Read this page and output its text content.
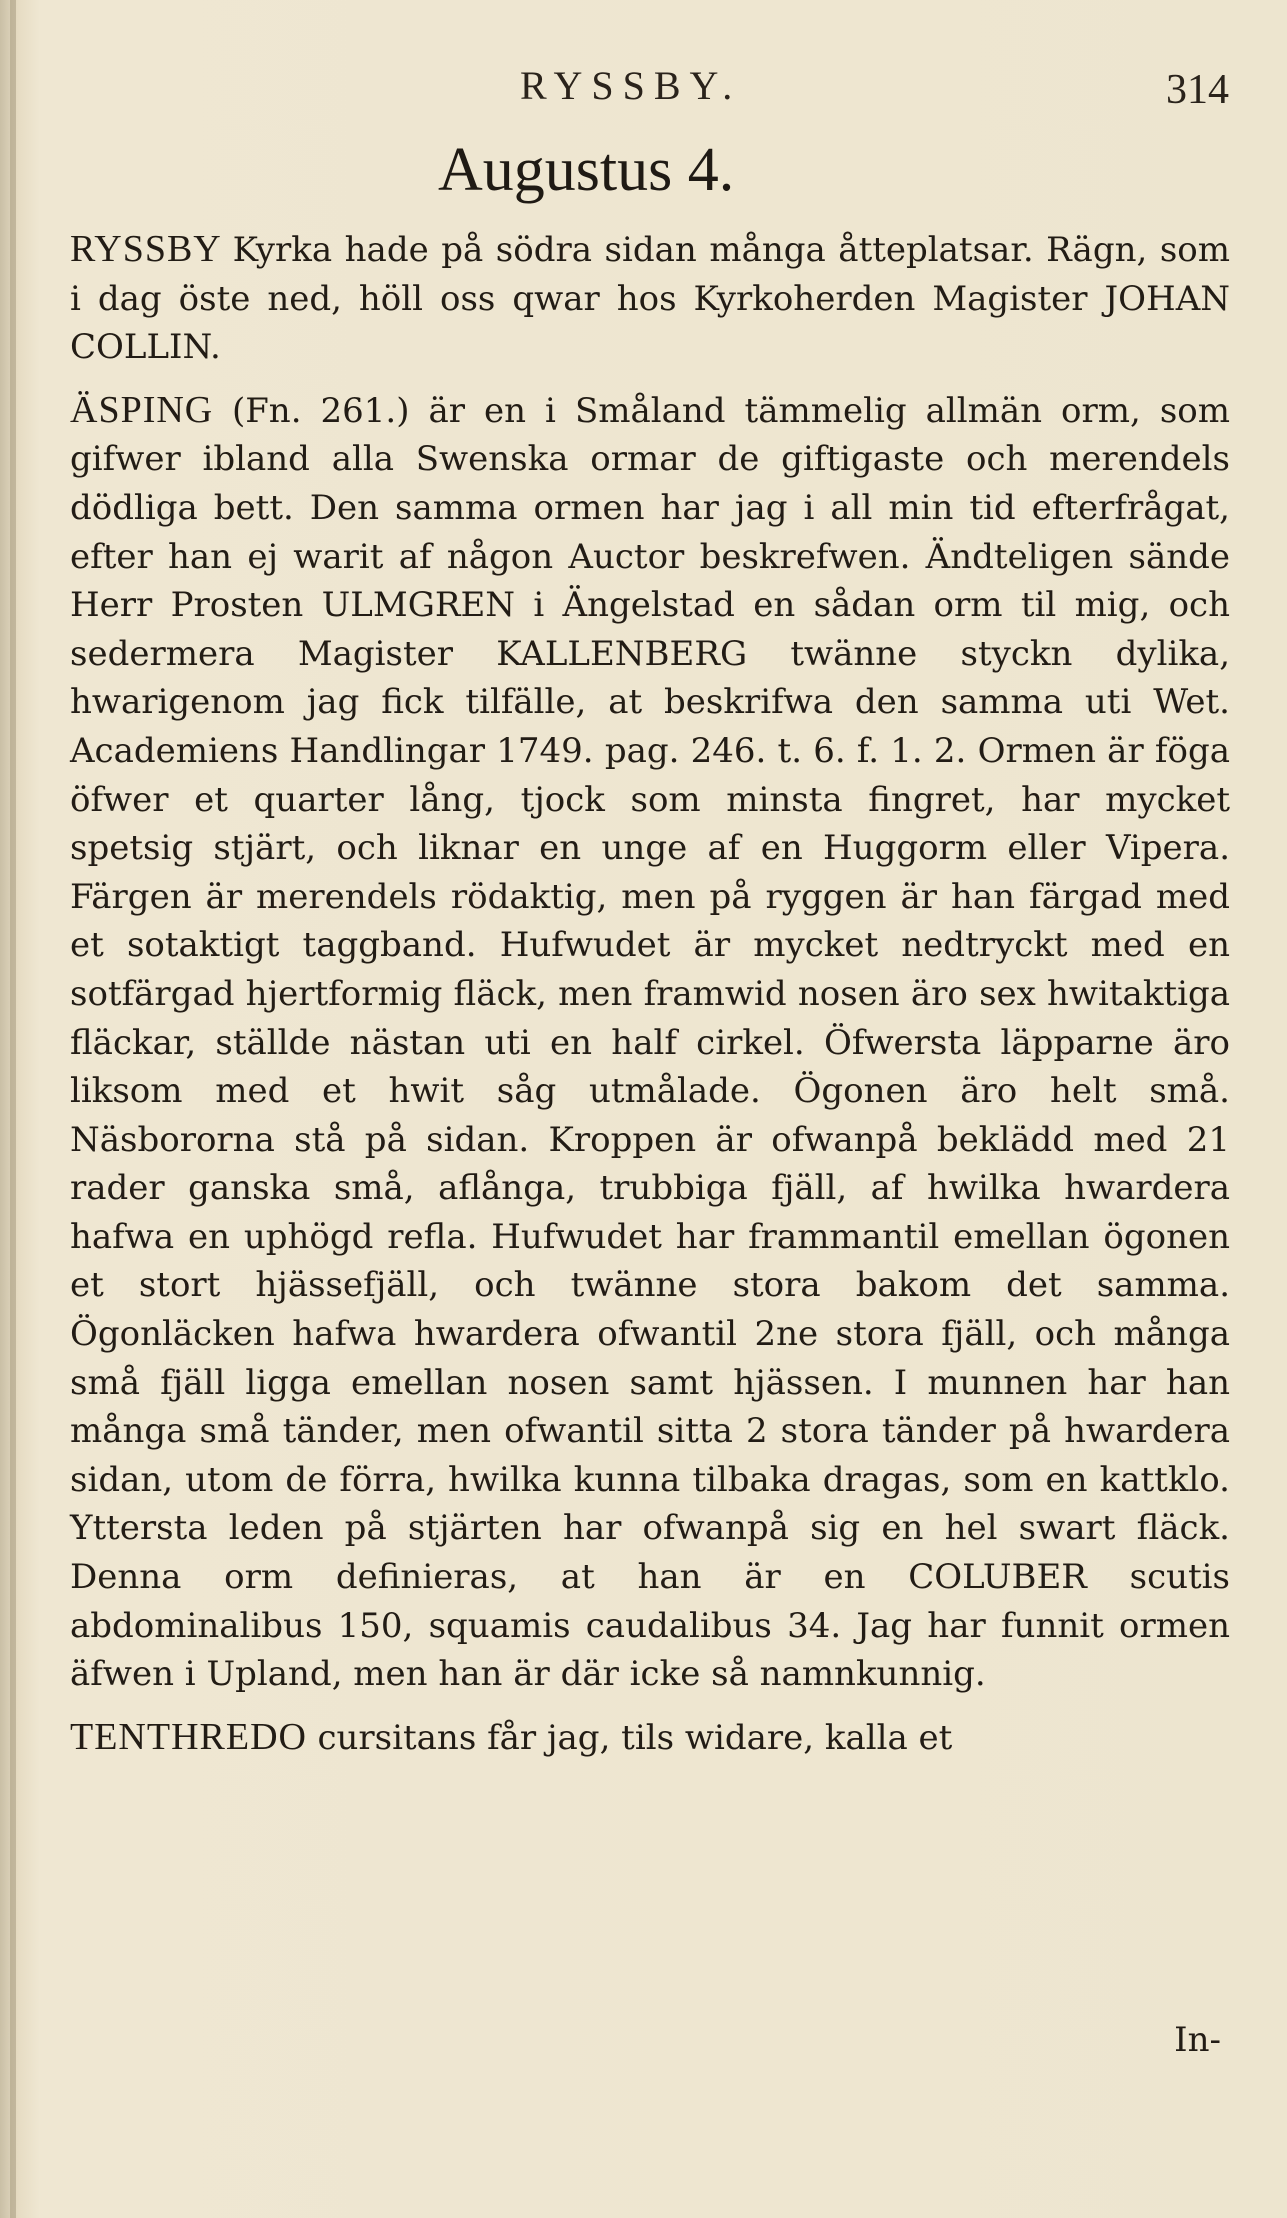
RYSSBY.	314
Augustus 4.

RYSSBY Kyrka hade på södra sidan många åtteplatsar. Rägn, som i dag öste ned, höll oss qwar hos Kyrkoherden Magister JOHAN COLLIN.

ÄSPING (Fn. 261.) är en i Småland tämmelig allmän orm, som gifwer ibland alla Swenska ormar de giftigaste och merendels dödliga bett. Den samma ormen har jag i all min tid efterfrågat, efter han ej warit af någon Auctor beskrefwen. Ändteligen sände Herr Prosten ULMGREN i Ängelstad en sådan orm til mig, och sedermera Magister KALLENBERG twänne styckn dylika, hwarigenom jag fick tilfälle, at beskrifwa den samma uti Wet. Academiens Handlingar 1749. pag. 246. t. 6. f. 1. 2. Ormen är föga öfwer et quarter lång, tjock som minsta fingret, har mycket spetsig stjärt, och liknar en unge af en Huggorm eller Vipera. Färgen är merendels rödaktig, men på ryggen är han färgad med et sotaktigt taggband. Hufwudet är mycket nedtryckt med en sotfärgad hjertformig fläck, men framwid nosen äro sex hwitaktiga fläckar, ställde nästan uti en half cirkel. Öfwersta läpparne äro liksom med et hwit såg utmålade. Ögonen äro helt små. Näsbororna stå på sidan. Kroppen är ofwanpå beklädd med 21 rader ganska små, aflånga, trubbiga fjäll, af hwilka hwardera hafwa en uphögd refla. Hufwudet har frammantil emellan ögonen et stort hjässefjäll, och twänne stora bakom det samma. Ögonläcken hafwa hwardera ofwantil 2ne stora fjäll, och många små fjäll ligga emellan nosen samt hjässen. I munnen har han många små tänder, men ofwantil sitta 2 stora tänder på hwardera sidan, utom de förra, hwilka kunna tilbaka dragas, som en kattklo. Yttersta leden på stjärten har ofwanpå sig en hel swart fläck. Denna orm definieras, at han är en COLUBER scutis abdominalibus 150, squamis caudalibus 34. Jag har funnit ormen äfwen i Upland, men han är där icke så namnkunnig.

TENTHREDO cursitans får jag, tils widare, kalla et

In-
